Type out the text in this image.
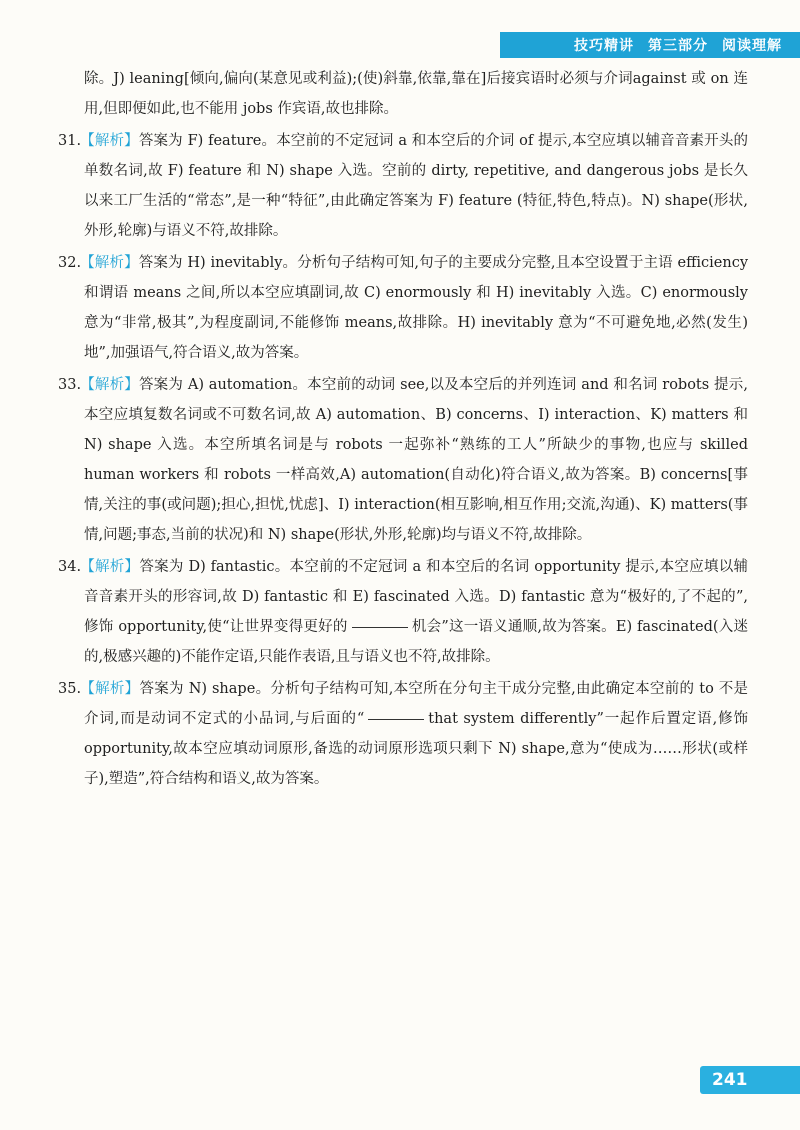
技巧精讲 第三部分 阅读理解

除。J) leaning[倾向,偏向(某意见或利益);(使)斜靠,依靠,靠在]后接宾语时必须与介词against 或 on 连用,但即便如此,也不能用 jobs 作宾语,故也排除。

31.【解析】答案为 F) feature。本空前的不定冠词 a 和本空后的介词 of 提示,本空应填以辅音音素开头的单数名词,故 F) feature 和 N) shape 入选。空前的 dirty, repetitive, and dangerous jobs 是长久以来工厂生活的“常态”,是一种“特征”,由此确定答案为 F) feature (特征,特色,特点)。N) shape(形状,外形,轮廓)与语义不符,故排除。

32.【解析】答案为 H) inevitably。分析句子结构可知,句子的主要成分完整,且本空设置于主语 efficiency 和谓语 means 之间,所以本空应填副词,故 C) enormously 和 H) inevitably 入选。C) enormously 意为“非常,极其”,为程度副词,不能修饰 means,故排除。H) inevitably 意为“不可避免地,必然(发生)地”,加强语气,符合语义,故为答案。

33.【解析】答案为 A) automation。本空前的动词 see,以及本空后的并列连词 and 和名词 robots 提示,本空应填复数名词或不可数名词,故 A) automation、B) concerns、I) interaction、K) matters 和 N) shape 入选。本空所填名词是与 robots 一起弥补“熟练的工人”所缺少的事物,也应与 skilled human workers 和 robots 一样高效,A) automation(自动化)符合语义,故为答案。B) concerns[事情,关注的事(或问题);担心,担忧,忧虑]、I) interaction(相互影响,相互作用;交流,沟通)、K) matters(事情,问题;事态,当前的状况)和 N) shape(形状,外形,轮廓)均与语义不符,故排除。

34.【解析】答案为 D) fantastic。本空前的不定冠词 a 和本空后的名词 opportunity 提示,本空应填以辅音音素开头的形容词,故 D) fantastic 和 E) fascinated 入选。D) fantastic 意为“极好的,了不起的”,修饰 opportunity,使“让世界变得更好的	机会”这一语义通顺,故为答案。E) fascinated(入迷的,极感兴趣的)不能作定语,只能作表语,且与语义也不符,故排除。

35.【解析】答案为 N) shape。分析句子结构可知,本空所在分句主干成分完整,由此确定本空前的 to 不是介词,而是动词不定式的小品词,与后面的“	that system differently”一起作后置定语,修饰 opportunity,故本空应填动词原形,备选的动词原形选项只剩下 N) shape,意为“使成为……形状(或样子),塑造”,符合结构和语义,故为答案。

241
